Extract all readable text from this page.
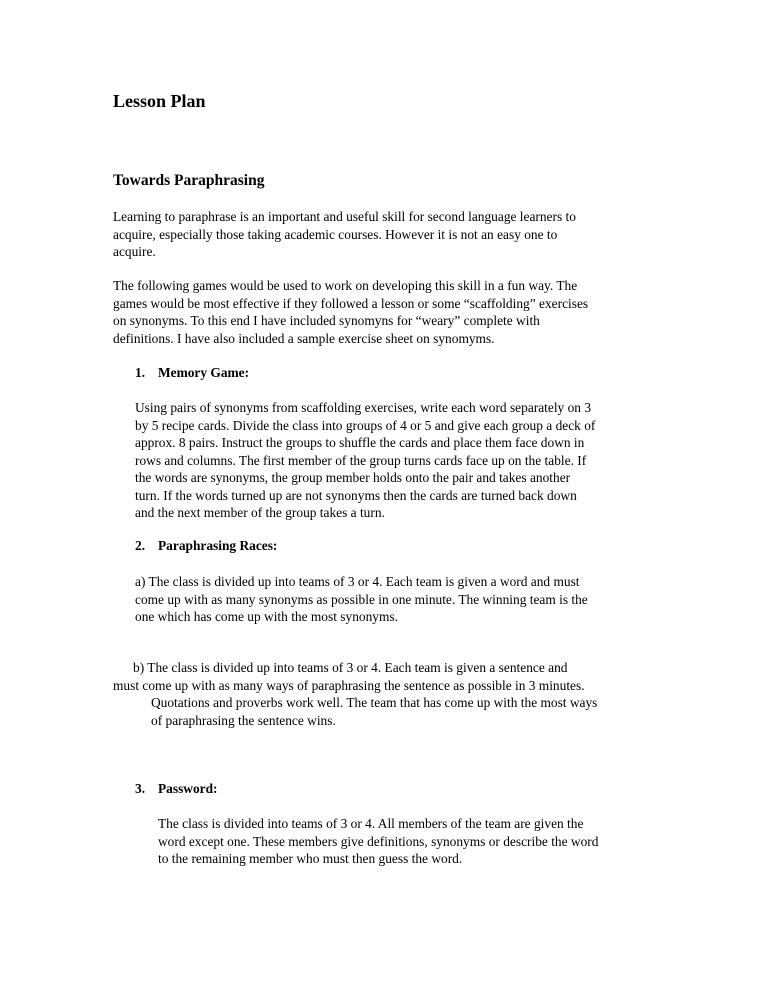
Lesson Plan
Towards Paraphrasing
Learning to paraphrase is an important and useful skill for second language learners to
acquire, especially those taking academic courses. However it is not an easy one to
acquire.
The following games would be used to work on developing this skill in a fun way. The
games would be most effective if they followed a lesson or some “scaffolding” exercises
on synonyms. To this end I have included synomyns for “weary” complete with
definitions. I have also included a sample exercise sheet on synomyms.
1. Memory Game:
Using pairs of synonyms from scaffolding exercises, write each word separately on 3
by 5 recipe cards. Divide the class into groups of 4 or 5 and give each group a deck of
approx. 8 pairs. Instruct the groups to shuffle the cards and place them face down in
rows and columns. The first member of the group turns cards face up on the table. If
the words are synonyms, the group member holds onto the pair and takes another
turn. If the words turned up are not synonyms then the cards are turned back down
and the next member of the group takes a turn.
2. Paraphrasing Races:
a) The class is divided up into teams of 3 or 4. Each team is given a word and must
come up with as many synonyms as possible in one minute. The winning team is the
one which has come up with the most synonyms.
b) The class is divided up into teams of 3 or 4. Each team is given a sentence and
must come up with as many ways of paraphrasing the sentence as possible in 3 minutes.
Quotations and proverbs work well. The team that has come up with the most ways
of paraphrasing the sentence wins.
3. Password:
The class is divided into teams of 3 or 4. All members of the team are given the
word except one. These members give definitions, synonyms or describe the word
to the remaining member who must then guess the word.
